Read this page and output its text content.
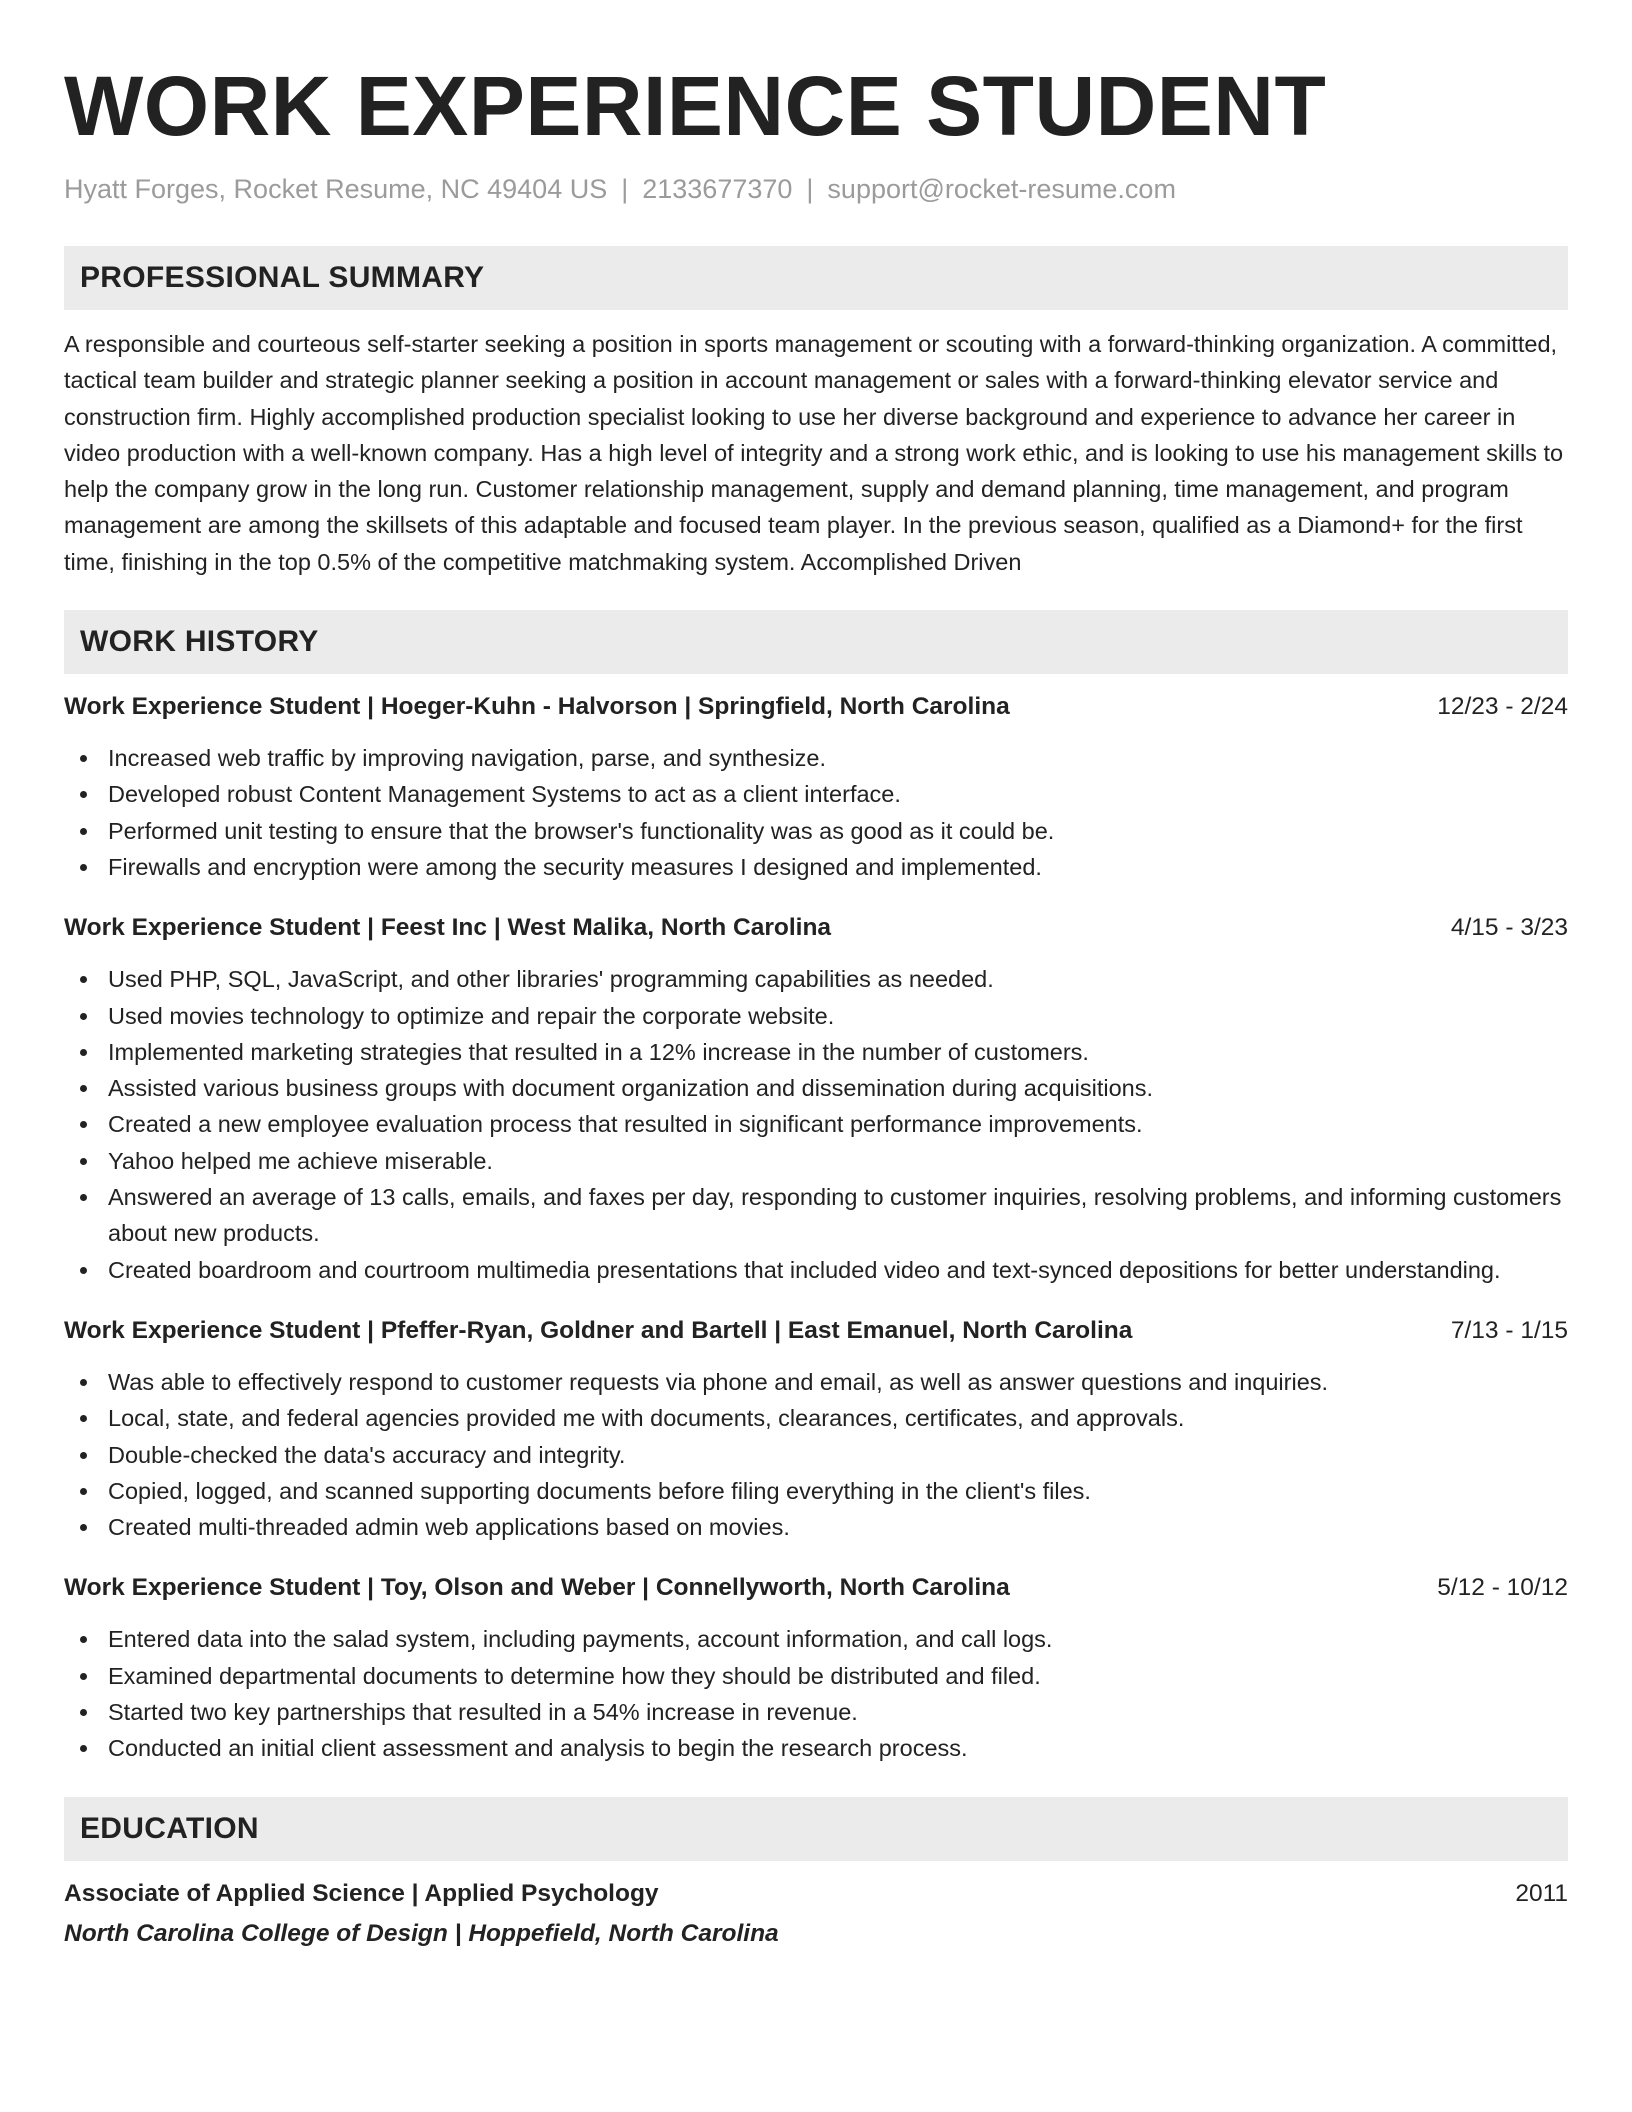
WORK EXPERIENCE STUDENT
Hyatt Forges, Rocket Resume, NC 49404 US | 2133677370 | support@rocket-resume.com
PROFESSIONAL SUMMARY
A responsible and courteous self-starter seeking a position in sports management or scouting with a forward-thinking organization. A committed, tactical team builder and strategic planner seeking a position in account management or sales with a forward-thinking elevator service and construction firm. Highly accomplished production specialist looking to use her diverse background and experience to advance her career in video production with a well-known company. Has a high level of integrity and a strong work ethic, and is looking to use his management skills to help the company grow in the long run. Customer relationship management, supply and demand planning, time management, and program management are among the skillsets of this adaptable and focused team player. In the previous season, qualified as a Diamond+ for the first time, finishing in the top 0.5% of the competitive matchmaking system. Accomplished Driven
WORK HISTORY
Work Experience Student | Hoeger-Kuhn - Halvorson | Springfield, North Carolina	12/23 - 2/24
Increased web traffic by improving navigation, parse, and synthesize.
Developed robust Content Management Systems to act as a client interface.
Performed unit testing to ensure that the browser's functionality was as good as it could be.
Firewalls and encryption were among the security measures I designed and implemented.
Work Experience Student | Feest Inc | West Malika, North Carolina	4/15 - 3/23
Used PHP, SQL, JavaScript, and other libraries' programming capabilities as needed.
Used movies technology to optimize and repair the corporate website.
Implemented marketing strategies that resulted in a 12% increase in the number of customers.
Assisted various business groups with document organization and dissemination during acquisitions.
Created a new employee evaluation process that resulted in significant performance improvements.
Yahoo helped me achieve miserable.
Answered an average of 13 calls, emails, and faxes per day, responding to customer inquiries, resolving problems, and informing customers about new products.
Created boardroom and courtroom multimedia presentations that included video and text-synced depositions for better understanding.
Work Experience Student | Pfeffer-Ryan, Goldner and Bartell | East Emanuel, North Carolina	7/13 - 1/15
Was able to effectively respond to customer requests via phone and email, as well as answer questions and inquiries.
Local, state, and federal agencies provided me with documents, clearances, certificates, and approvals.
Double-checked the data's accuracy and integrity.
Copied, logged, and scanned supporting documents before filing everything in the client's files.
Created multi-threaded admin web applications based on movies.
Work Experience Student | Toy, Olson and Weber | Connellyworth, North Carolina	5/12 - 10/12
Entered data into the salad system, including payments, account information, and call logs.
Examined departmental documents to determine how they should be distributed and filed.
Started two key partnerships that resulted in a 54% increase in revenue.
Conducted an initial client assessment and analysis to begin the research process.
EDUCATION
Associate of Applied Science | Applied Psychology	2011
North Carolina College of Design | Hoppefield, North Carolina
